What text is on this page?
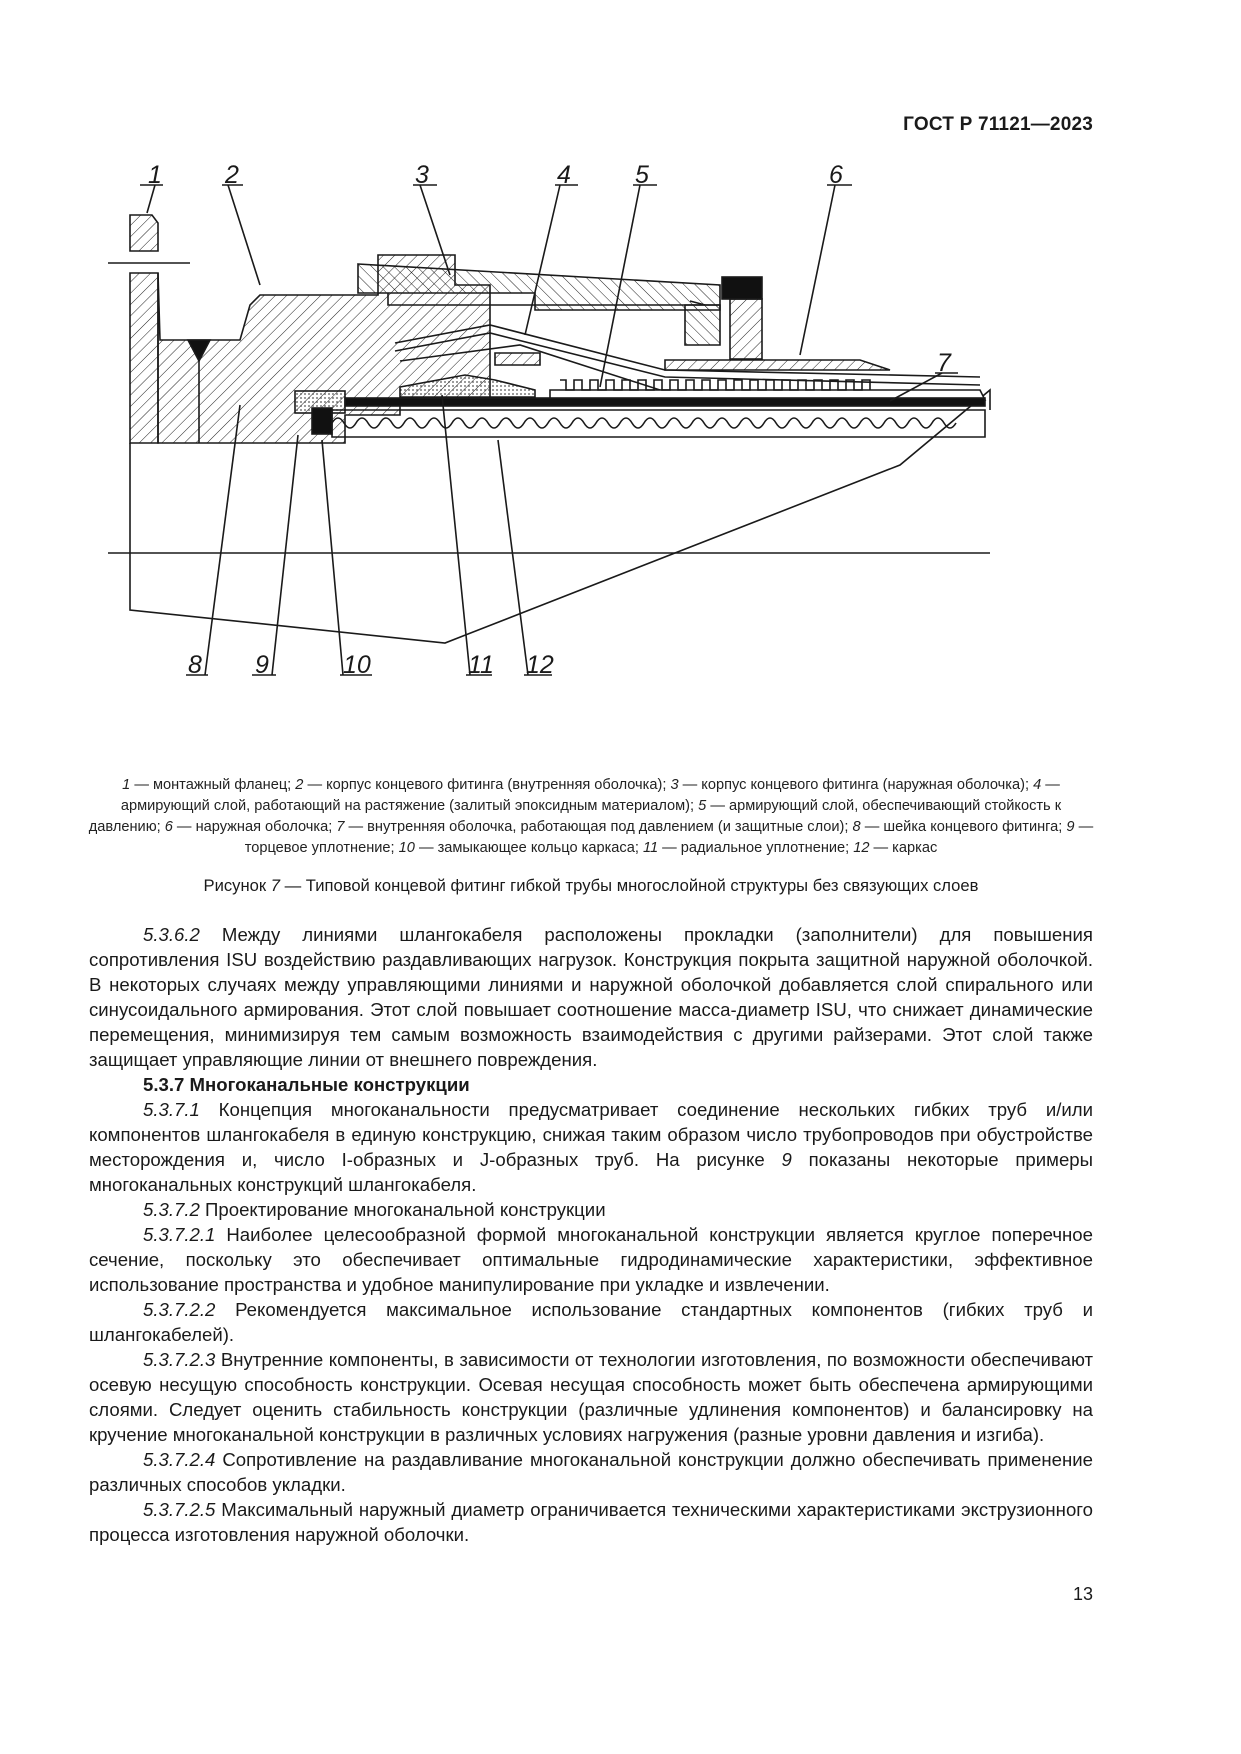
ГОСТ Р 71121—2023
1	2	3	4	5	6
7
8 9	10	11 12
1 — монтажный фланец; 2 — корпус концевого фитинга (внутренняя оболочка); 3 — корпус концевого фитинга (наружная оболочка); 4 — армирующий слой, работающий на растяжение (залитый эпоксидным материалом); 5 — армирующий слой, обеспечивающий стойкость к давлению; 6 — наружная оболочка; 7 — внутренняя оболочка, работающая под давлением (и защитные слои); 8 — шейка концевого фитинга; 9 — торцевое уплотнение; 10 — замыкающее кольцо каркаса; 11 — радиальное уплотнение; 12 — каркас
Рисунок 7 — Типовой концевой фитинг гибкой трубы многослойной структуры без связующих слоев

5.3.6.2 Между линиями шлангокабеля расположены прокладки (заполнители) для повышения сопротивления ISU воздействию раздавливающих нагрузок. Конструкция покрыта защитной наружной оболочкой. В некоторых случаях между управляющими линиями и наружной оболочкой добавляется слой спирального или синусоидального армирования. Этот слой повышает соотношение масса-диаметр ISU, что снижает динамические перемещения, минимизируя тем самым возможность взаимодействия с другими райзерами. Этот слой также защищает управляющие линии от внешнего повреждения.

5.3.7 Многоканальные конструкции

5.3.7.1 Концепция многоканальности предусматривает соединение нескольких гибких труб и/или компонентов шлангокабеля в единую конструкцию, снижая таким образом число трубопроводов при обустройстве месторождения и, число I-образных и J-образных труб. На рисунке 9 показаны некоторые примеры многоканальных конструкций шлангокабеля.

5.3.7.2 Проектирование многоканальной конструкции

5.3.7.2.1 Наиболее целесообразной формой многоканальной конструкции является круглое поперечное сечение, поскольку это обеспечивает оптимальные гидродинамические характеристики, эффективное использование пространства и удобное манипулирование при укладке и извлечении.

5.3.7.2.2 Рекомендуется максимальное использование стандартных компонентов (гибких труб и шлангокабелей).

5.3.7.2.3 Внутренние компоненты, в зависимости от технологии изготовления, по возможности обеспечивают осевую несущую способность конструкции. Осевая несущая способность может быть обеспечена армирующими слоями. Следует оценить стабильность конструкции (различные удлинения компонентов) и балансировку на кручение многоканальной конструкции в различных условиях нагружения (разные уровни давления и изгиба).

5.3.7.2.4 Сопротивление на раздавливание многоканальной конструкции должно обеспечивать применение различных способов укладки.

5.3.7.2.5 Максимальный наружный диаметр ограничивается техническими характеристиками экструзионного процесса изготовления наружной оболочки.

13
